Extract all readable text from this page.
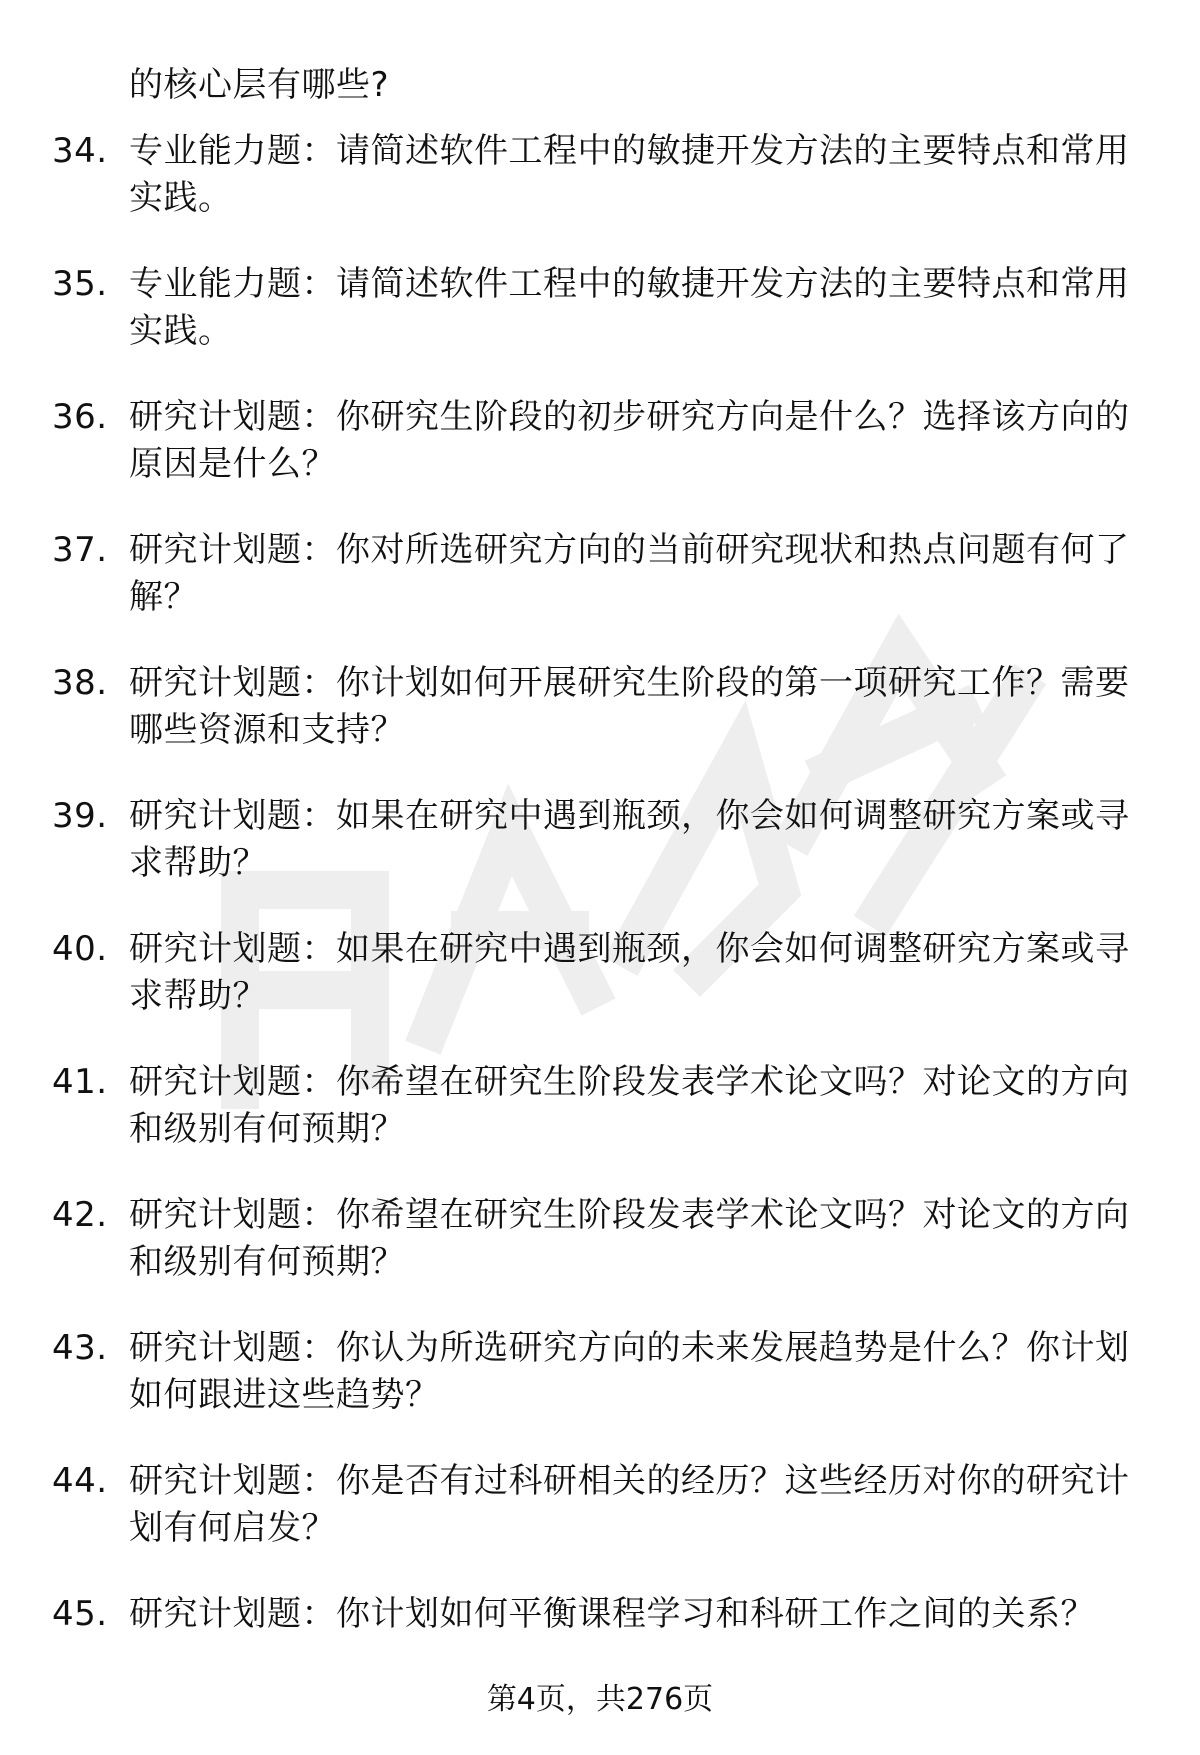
的核心层有哪些?
34. 专业能力题：请简述软件工程中的敏捷开发方法的主要特点和常用实践。
35. 专业能力题：请简述软件工程中的敏捷开发方法的主要特点和常用实践。
36. 研究计划题：你研究生阶段的初步研究方向是什么？选择该方向的原因是什么？
37. 研究计划题：你对所选研究方向的当前研究现状和热点问题有何了解？
38. 研究计划题：你计划如何开展研究生阶段的第一项研究工作？需要哪些资源和支持？
39. 研究计划题：如果在研究中遇到瓶颈，你会如何调整研究方案或寻求帮助？
40. 研究计划题：如果在研究中遇到瓶颈，你会如何调整研究方案或寻求帮助？
41. 研究计划题：你希望在研究生阶段发表学术论文吗？对论文的方向和级别有何预期？
42. 研究计划题：你希望在研究生阶段发表学术论文吗？对论文的方向和级别有何预期？
43. 研究计划题：你认为所选研究方向的未来发展趋势是什么？你计划如何跟进这些趋势？
44. 研究计划题：你是否有过科研相关的经历？这些经历对你的研究计划有何启发？
45. 研究计划题：你计划如何平衡课程学习和科研工作之间的关系？
第4页，共276页
